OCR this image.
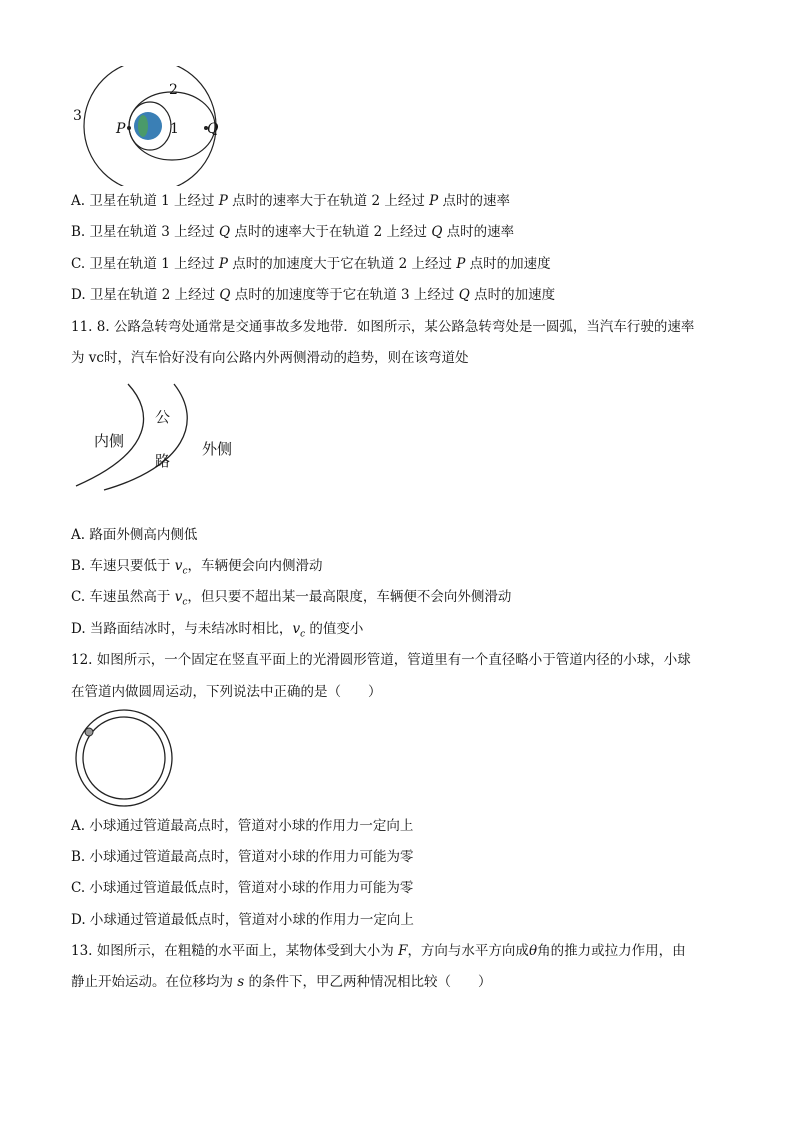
2
3
P	1 Q
A. 卫星在轨道 1 上经过 P 点时的速率大于在轨道 2 上经过 P 点时的速率
B. 卫星在轨道 3 上经过 Q 点时的速率大于在轨道 2 上经过 Q 点时的速率
C. 卫星在轨道 1 上经过 P 点时的加速度大于它在轨道 2 上经过 P 点时的加速度
D. 卫星在轨道 2 上经过 Q 点时的加速度等于它在轨道 3 上经过 Q 点时的加速度
11. 8. 公路急转弯处通常是交通事故多发地带．如图所示，某公路急转弯处是一圆弧，当汽车行驶的速率
为 vc时，汽车恰好没有向公路内外两侧滑动的趋势，则在该弯道处
内侧
公
路
外侧
A. 路面外侧高内侧低
B. 车速只要低于 $v_c$，车辆便会向内侧滑动
C. 车速虽然高于 $v_c$，但只要不超出某一最高限度，车辆便不会向外侧滑动
D. 当路面结冰时，与未结冰时相比，$v_c$ 的值变小
12. 如图所示，一个固定在竖直平面上的光滑圆形管道，管道里有一个直径略小于管道内径的小球，小球
在管道内做圆周运动，下列说法中正确的是（　　）
A. 小球通过管道最高点时，管道对小球的作用力一定向上
B. 小球通过管道最高点时，管道对小球的作用力可能为零
C. 小球通过管道最低点时，管道对小球的作用力可能为零
D. 小球通过管道最低点时，管道对小球的作用力一定向上
13. 如图所示，在粗糙的水平面上，某物体受到大小为 F，方向与水平方向成θ角的推力或拉力作用，由
静止开始运动。在位移均为 s 的条件下，甲乙两种情况相比较（　　）
